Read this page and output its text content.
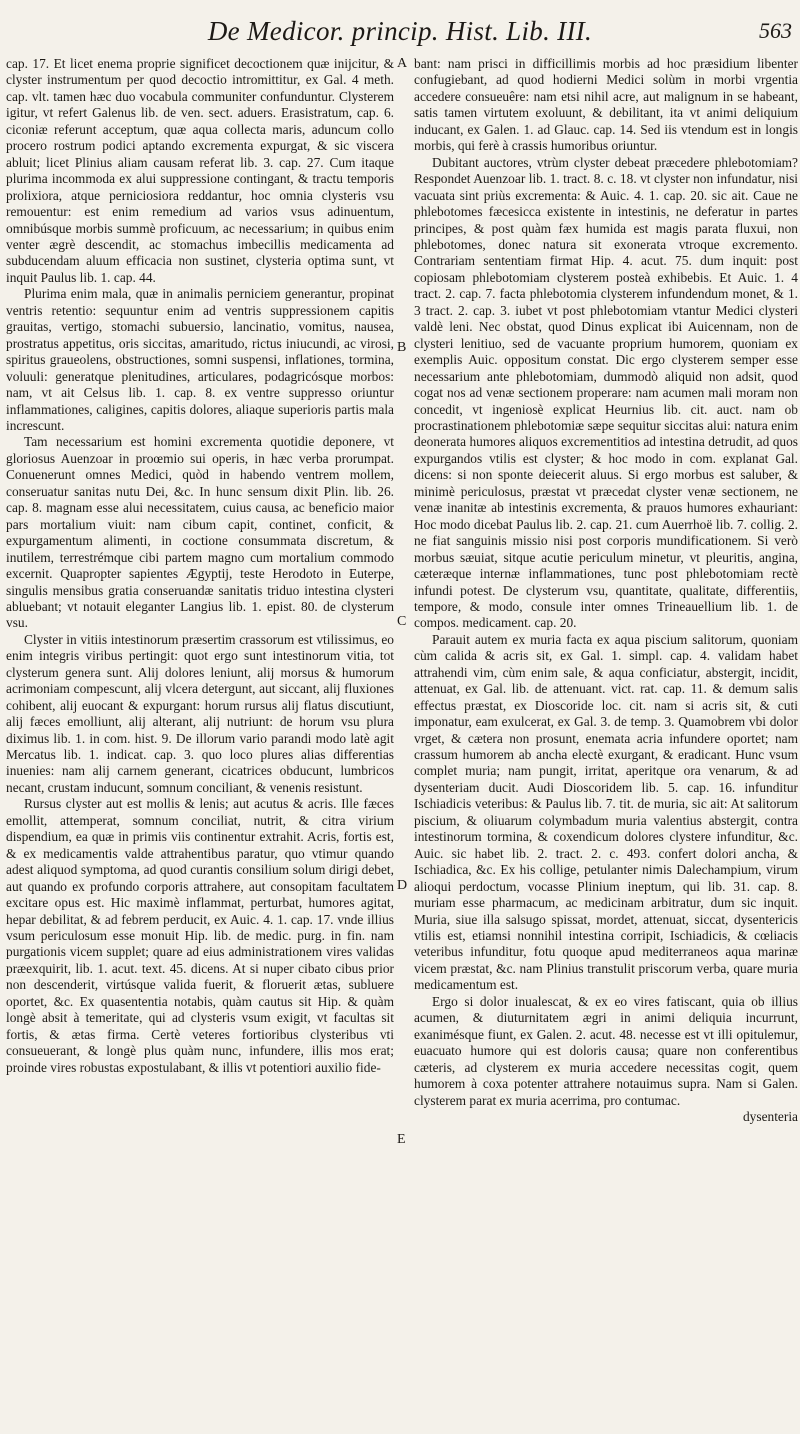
De Medicor. princip. Hist. Lib. III.	563

cap. 17. Et licet enema proprie significet decoctionem quæ inijcitur, & clyster instrumentum per quod decoctio intromittitur, ex Gal. 4 meth. cap. vlt. tamen hæc duo vocabula communiter confunduntur. Clysterem igitur, vt refert Galenus lib. de ven. sect. aduers. Erasistratum, cap. 6. ciconiæ referunt acceptum, quæ aqua collecta maris, aduncum collo procero rostrum podici aptando excrementa expurgat, & sic viscera abluit; licet Plinius aliam causam referat lib. 3. cap. 27. Cum itaque plurima incommoda ex alui suppressione contingant, & tractu temporis prolixiora, atque perniciosiora reddantur, hoc omnia clysteris vsu remouentur: est enim remedium ad varios vsus adinuentum, omnibúsque morbis summè proficuum, ac necessarium; in quibus enim venter ægrè descendit, ac stomachus imbecillis medicamenta ad subducendam aluum efficacia non sustinet, clysteria optima sunt, vt inquit Paulus lib. 1. cap. 44.

Plurima enim mala, quæ in animalis perniciem generantur, propinat ventris retentio: sequuntur enim ad ventris suppressionem capitis grauitas, vertigo, stomachi subuersio, lancinatio, vomitus, nausea, prostratus appetitus, oris siccitas, amaritudo, rictus iniucundi, ac virosi, spiritus graueolens, obstructiones, somni suspensi, inflationes, tormina, voluuli: generatque plenitudines, articulares, podagricósque morbos: nam, vt ait Celsus lib. 1. cap. 8. ex ventre suppresso oriuntur inflammationes, caligines, capitis dolores, aliaque superioris partis mala increscunt.

Tam necessarium est homini excrementa quotidie deponere, vt gloriosus Auenzoar in proœmio sui operis, in hæc verba prorumpat. Conuenerunt omnes Medici, quòd in habendo ventrem mollem, conseruatur sanitas nutu Dei, &c. In hunc sensum dixit Plin. lib. 26. cap. 8. magnam esse alui necessitatem, cuius causa, ac beneficio maior pars mortalium viuit: nam cibum capit, continet, conficit, & expurgamentum alimenti, in coctione consummata discretum, & inutilem, terrestrémque cibi partem magno cum mortalium commodo excernit. Quapropter sapientes Ægyptij, teste Herodoto in Euterpe, singulis mensibus gratia conseruandæ sanitatis triduo intestina clysteri abluebant; vt notauit eleganter Langius lib. 1. epist. 80. de clysterum vsu.

Clyster in vitiis intestinorum præsertim crassorum est vtilissimus, eo enim integris viribus pertingit: quot ergo sunt intestinorum vitia, tot clysterum genera sunt. Alij dolores leniunt, alij morsus & humorum acrimoniam compescunt, alij vlcera detergunt, aut siccant, alij fluxiones cohibent, alij euocant & expurgant: horum rursus alij flatus discutiunt, alij fæces emolliunt, alij alterant, alij nutriunt: de horum vsu plura diximus lib. 1. in com. hist. 9. De illorum vario parandi modo latè agit Mercatus lib. 1. indicat. cap. 3. quo loco plures alias differentias inuenies: nam alij carnem generant, cicatrices obducunt, lumbricos necant, crustam inducunt, somnum conciliant, & venenis resistunt.

Rursus clyster aut est mollis & lenis; aut acutus & acris. Ille fæces emollit, attemperat, somnum conciliat, nutrit, & citra virium dispendium, ea quæ in primis viis continentur extrahit. Acris, fortis est, & ex medicamentis valde attrahentibus paratur, quo vtimur quando adest aliquod symptoma, ad quod curantis consilium solum dirigi debet, aut quando ex profundo corporis attrahere, aut consopitam facultatem excitare opus est. Hic maximè inflammat, perturbat, humores agitat, hepar debilitat, & ad febrem perducit, ex Auic. 4. 1. cap. 17. vnde illius vsum periculosum esse monuit Hip. lib. de medic. purg. in fin. nam purgationis vicem supplet; quare ad eius administrationem vires validas præexquirit, lib. 1. acut. text. 45. dicens. At si nuper cibato cibus prior non descenderit, virtúsque valida fuerit, & floruerit ætas, subluere oportet, &c. Ex quasententia notabis, quàm cautus sit Hip. & quàm longè absit à temeritate, qui ad clysteris vsum exigit, vt facultas sit fortis, & ætas firma. Certè veteres fortioribus clysteribus vti consueuerant, & longè plus quàm nunc, infundere, illis mos erat; proinde vires robustas expostulabant, & illis vt potentiori auxilio fide-

A
B
C
D
E

bant: nam prisci in difficillimis morbis ad hoc præsidium libenter confugiebant, ad quod hodierni Medici solùm in morbi vrgentia accedere consueuêre: nam etsi nihil acre, aut malignum in se habeant, satis tamen virtutem exoluunt, & debilitant, ita vt animi deliquium inducant, ex Galen. 1. ad Glauc. cap. 14. Sed iis vtendum est in longis morbis, qui ferè à crassis humoribus oriuntur.

Dubitant auctores, vtrùm clyster debeat præcedere phlebotomiam? Respondet Auenzoar lib. 1. tract. 8. c. 18. vt clyster non infundatur, nisi vacuata sint priùs excrementa: & Auic. 4. 1. cap. 20. sic ait. Caue ne phlebotomes fæcesicca existente in intestinis, ne deferatur in partes principes, & post quàm fæx humida est magis parata fluxui, non phlebotomes, donec natura sit exonerata vtroque excremento. Contrariam sententiam firmat Hip. 4. acut. 75. dum inquit: post copiosam phlebotomiam clysterem posteà exhibebis. Et Auic. 1. 4 tract. 2. cap. 7. facta phlebotomia clysterem infundendum monet, & 1. 3 tract. 2. cap. 3. iubet vt post phlebotomiam vtantur Medici clysteri valdè leni. Nec obstat, quod Dinus explicat ibi Auicennam, non de clysteri lenitiuo, sed de vacuante proprium humorem, quoniam ex exemplis Auic. oppositum constat. Dic ergo clysterem semper esse necessarium ante phlebotomiam, dummodò aliquid non adsit, quod cogat nos ad venæ sectionem properare: nam acumen mali moram non concedit, vt ingeniosè explicat Heurnius lib. cit. auct. nam ob procrastinationem phlebotomiæ sæpe sequitur siccitas alui: natura enim deonerata humores aliquos excrementitios ad intestina detrudit, ad quos expurgandos vtilis est clyster; & hoc modo in com. explanat Gal. dicens: si non sponte deiecerit aluus. Si ergo morbus est saluber, & minimè periculosus, præstat vt præcedat clyster venæ sectionem, ne venæ inanitæ ab intestinis excrementa, & prauos humores exhauriant: Hoc modo dicebat Paulus lib. 2. cap. 21. cum Auerrhoë lib. 7. collig. 2. ne fiat sanguinis missio nisi post corporis mundificationem. Si verò morbus sæuiat, sitque acutie periculum minetur, vt pleuritis, angina, cæteræque internæ inflammationes, tunc post phlebotomiam rectè infundi potest. De clysterum vsu, quantitate, qualitate, differentiis, tempore, & modo, consule inter omnes Trineauellium lib. 1. de compos. medicament. cap. 20.

Parauit autem ex muria facta ex aqua piscium salitorum, quoniam cùm calida & acris sit, ex Gal. 1. simpl. cap. 4. validam habet attrahendi vim, cùm enim sale, & aqua conficiatur, abstergit, incidit, attenuat, ex Gal. lib. de attenuant. vict. rat. cap. 11. & demum salis effectus præstat, ex Dioscoride loc. cit. nam si acris sit, & cuti imponatur, eam exulcerat, ex Gal. 3. de temp. 3. Quamobrem vbi dolor vrget, & cætera non prosunt, enemata acria infundere oportet; nam crassum humorem ab ancha electè exurgant, & eradicant. Hunc vsum complet muria; nam pungit, irritat, aperitque ora venarum, & ad dysenteriam ducit. Audi Dioscoridem lib. 5. cap. 16. infunditur Ischiadicis veteribus: & Paulus lib. 7. tit. de muria, sic ait: At salitorum piscium, & oliuarum colymbadum muria valentius abstergit, contra intestinorum tormina, & coxendicum dolores clystere infunditur, &c. Auic. sic habet lib. 2. tract. 2. c. 493. confert dolori ancha, & Ischiadica, &c. Ex his collige, petulanter nimis Dalechampium, virum alioqui perdoctum, vocasse Plinium ineptum, qui lib. 31. cap. 8. muriam esse pharmacum, ac medicinam arbitratur, dum sic inquit. Muria, siue illa salsugo spissat, mordet, attenuat, siccat, dysentericis vtilis est, etiamsi nonnihil intestina corripit, Ischiadicis, & cœliacis veteribus infunditur, fotu quoque apud mediterraneos aqua marinæ vicem præstat, &c. nam Plinius transtulit priscorum verba, quare muria medicamentum est.

Ergo si dolor inualescat, & ex eo vires fatiscant, quia ob illius acumen, & diuturnitatem ægri in animi deliquia incurrunt, exanimésque fiunt, ex Galen. 2. acut. 48. necesse est vt illi opitulemur, euacuato humore qui est doloris causa; quare non conferentibus cæteris, ad clysterem ex muria accedere necessitas cogit, quem humorem à coxa potenter attrahere notauimus supra. Nam si Galen. clysterem parat ex muria acerrima, pro contumac.

dysenteria
